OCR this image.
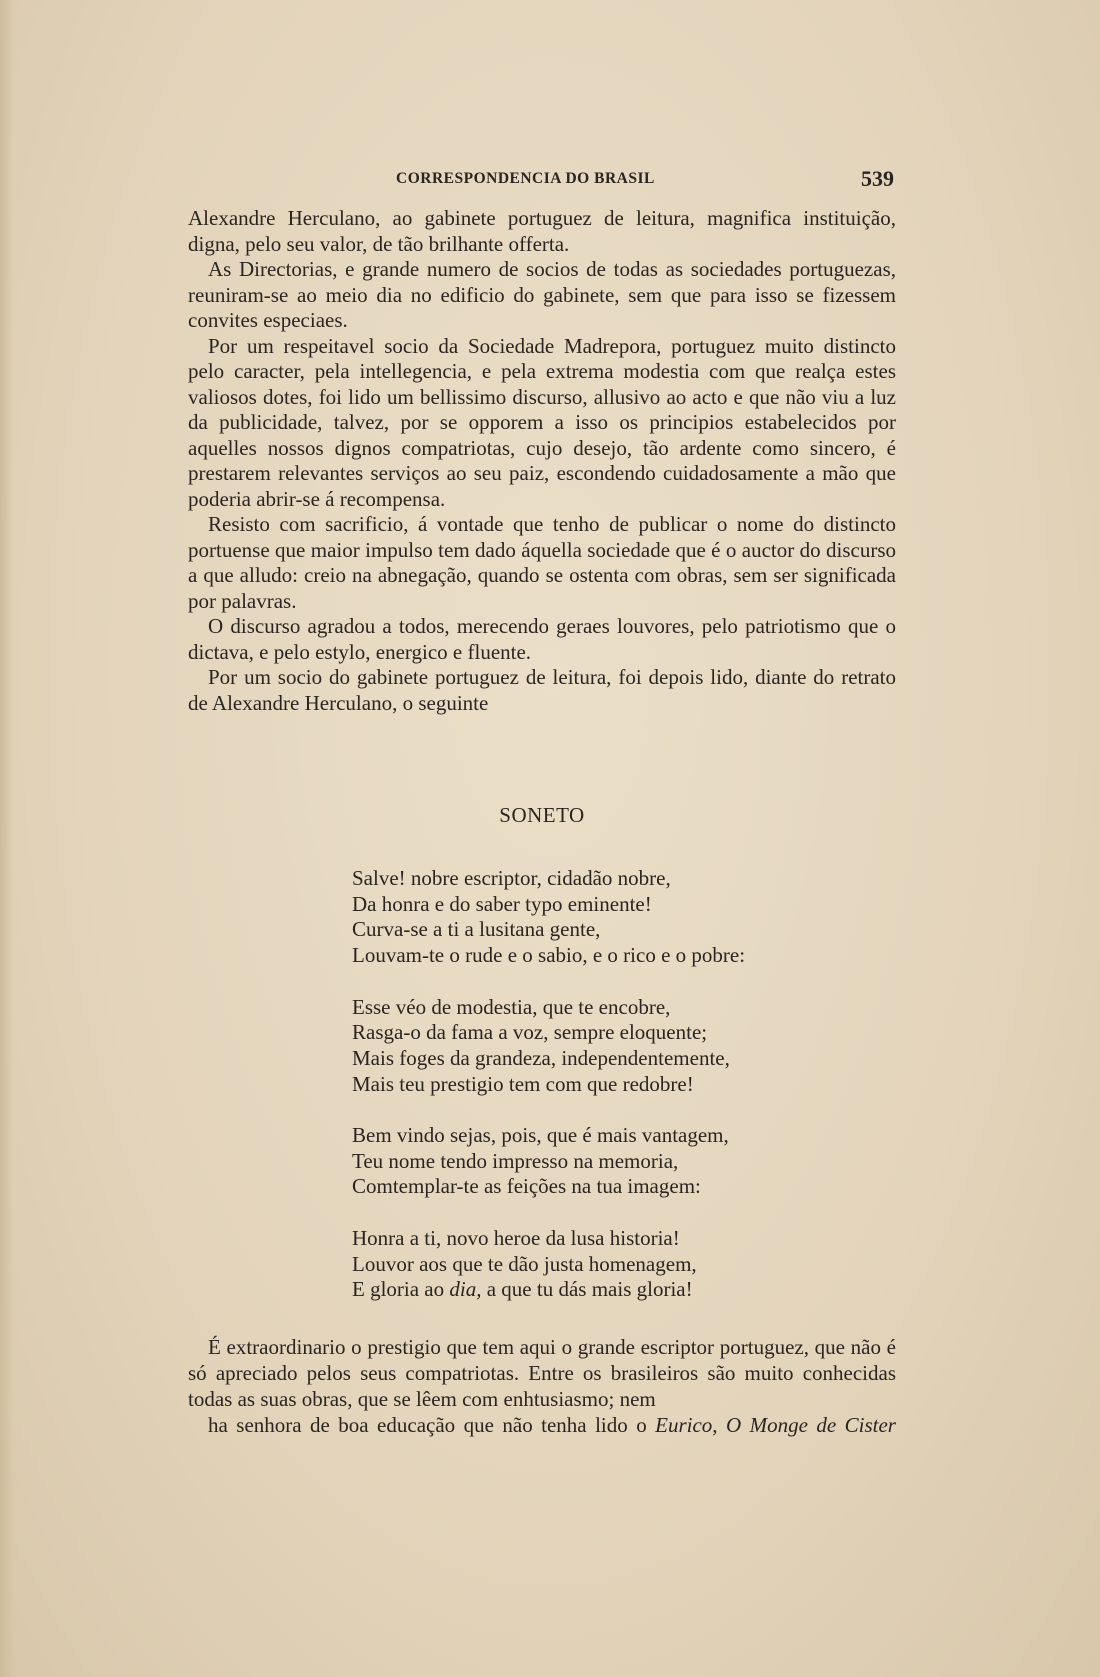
CORRESPONDENCIA DO BRASIL	539

Alexandre Herculano, ao gabinete portuguez de leitura, magnifica instituição, digna, pelo seu valor, de tão brilhante offerta.

As Directorias, e grande numero de socios de todas as sociedades portuguezas, reuniram-se ao meio dia no edificio do gabinete, sem que para isso se fizessem convites especiaes.

Por um respeitavel socio da Sociedade Madrepora, portuguez muito distincto pelo caracter, pela intellegencia, e pela extrema modestia com que realça estes valiosos dotes, foi lido um bellissimo discurso, allusivo ao acto e que não viu a luz da publicidade, talvez, por se opporem a isso os principios estabelecidos por aquelles nossos dignos compatriotas, cujo desejo, tão ardente como sincero, é prestarem relevantes serviços ao seu paiz, escondendo cuidadosamente a mão que poderia abrir-se á recompensa.

Resisto com sacrificio, á vontade que tenho de publicar o nome do distincto portuense que maior impulso tem dado áquella sociedade que é o auctor do discurso a que alludo: creio na abnegação, quando se ostenta com obras, sem ser significada por palavras.

O discurso agradou a todos, merecendo geraes louvores, pelo patriotismo que o dictava, e pelo estylo, energico e fluente.

Por um socio do gabinete portuguez de leitura, foi depois lido, diante do retrato de Alexandre Herculano, o seguinte

SONETO
Salve! nobre escriptor, cidadão nobre,
Da honra e do saber typo eminente!
Curva-se a ti a lusitana gente,
Louvam-te o rude e o sabio, e o rico e o pobre:
Esse véo de modestia, que te encobre,
Rasga-o da fama a voz, sempre eloquente;
Mais foges da grandeza, independentemente,
Mais teu prestigio tem com que redobre!
Bem vindo sejas, pois, que é mais vantagem,
Teu nome tendo impresso na memoria,
Comtemplar-te as feições na tua imagem:
Honra a ti, novo heroe da lusa historia!
Louvor aos que te dão justa homenagem,
E gloria ao dia, a que tu dás mais gloria!

É extraordinario o prestigio que tem aqui o grande escriptor portuguez, que não é só apreciado pelos seus compatriotas. Entre os brasileiros são muito conhecidas todas as suas obras, que se lêem com enhtusiasmo; nem
ha senhora de boa educação que não tenha lido o Eurico, O Monge de Cister
